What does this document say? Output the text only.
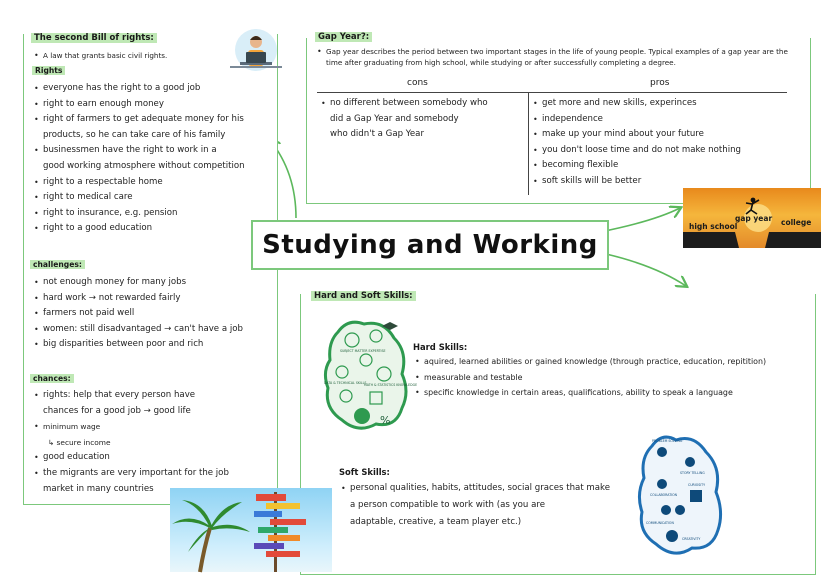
The second Bill of rights:
• A law that grants basic civil rights.
Rights
• everyone has the right to a good job
• right to earn enough money
• right of farmers to get adequate money for his
products, so he can take care of his family
• businessmen have the right to work in a
good working atmosphere without competition
• right to a respectable home
• right to medical care
• right to insurance, e.g. pension
• right to a good education
challenges:
• not enough money for many jobs
• hard work → not rewarded fairly
• farmers not paid well
• women: still disadvantaged → can't have a job
• big disparities between poor and rich
chances:
• rights: help that every person have
chances for a good job → good life
• minimum wage
↳ secure income
• good education
• the migrants are very important for the job
market in many countries
Gap Year?:
• Gap year describes the period between two important stages in the life of young people. Typical examples of a gap year are the time after graduating from high school, while studying or after successfully completing a degree.
cons	pros
• no different between somebody who
did a Gap Year and somebody
who didn't a Gap Year
• get more and new skills, experinces
• independence
• make up your mind about your future
• you don't loose time and do not make nothing
• becoming flexible
• soft skills will be better
high school
gap year college
Studying and Working
Hard and Soft Skills:
Hard Skills:
• aquired, learned abilities or gained knowledge (through practice, education, repitition)
• measurable and testable
• specific knowledge in certain areas, qualifications, ability to speak a language
Soft Skills:
• personal qualities, habits, attitudes, social graces that make
a person compatible to work with (as you are
adaptable, creative, a team player etc.)
%
SUBJECT MATTER EXPERTISE
DATA & TECHNICAL SKILLS
MATH & STATISTICS KNOWLEDGE
PROBLEM SOLVING
STORY TELLING
COLLABORATION
CURIOSITY
COMMUNICATION
CREATIVITY
